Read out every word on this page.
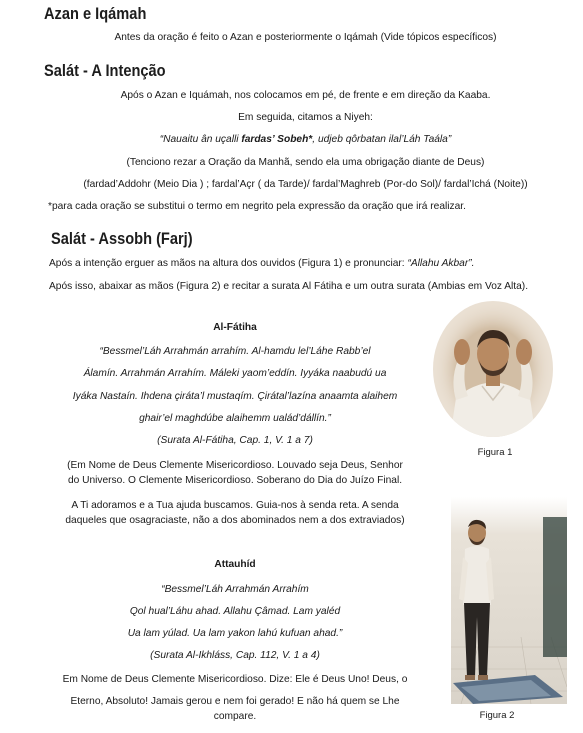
Azan e Iqámah
Antes da oração é feito o Azan e posteriormente o Iqámah (Vide tópicos específicos)
Salát - A Intenção
Após o Azan e Iquámah, nos colocamos em pé, de frente e em direção da Kaaba.
Em seguida, citamos a Niyeh:
“Nauaitu ân uçalli fardas’ Sobeh*, udjeb qôrbatan ilal’Láh Taála”
(Tenciono rezar a Oração da Manhã, sendo ela uma obrigação diante de Deus)
(fardad’Addohr (Meio Dia ) ; fardal’Açr ( da Tarde)/ fardal’Maghreb (Por-do Sol)/ fardal’Ichá (Noite))
*para cada oração se substitui o termo em negrito pela expressão da oração que irá realizar.
Salát - Assobh (Farj)
Após a intenção erguer as mãos na altura dos ouvidos (Figura 1) e pronunciar: “Allahu Akbar”.
Após isso, abaixar as mãos (Figura 2) e recitar a surata Al Fátiha e um outra surata (Ambias em Voz Alta).
Al-Fátiha
“Bessmel’Láh Arrahmán arrahím. Al-hamdu lel’Láhe Rabb’el
Álamín. Arrahmán Arrahím. Máleki yaom’eddín. Iyyáka naabudú ua
Iyáka Nastaín. Ihdena çiráta’l mustaqím. Çirátal’lazína anaamta alaihem
ghair’el maghdúbe alaihemm ualád’dállín.”
(Surata Al-Fátiha, Cap. 1, V. 1 a 7)
(Em Nome de Deus Clemente Misericordioso. Louvado seja Deus, Senhor
do Universo. O Clemente Misericordioso. Soberano do Dia do Juízo Final.
A Ti adoramos e a Tua ajuda buscamos. Guia-nos à senda reta. A senda
daqueles que osagraciaste, não a dos abominados nem a dos extraviados)
Attauhíd
“Bessmel’Láh Arrahmán Arrahím
Qol hual’Láhu ahad. Allahu Çâmad. Lam yaléd
Ua lam yúlad. Ua lam yakon lahú kufuan ahad.”
(Surata Al-Ikhláss, Cap. 112, V. 1 a 4)
Em Nome de Deus Clemente Misericordioso. Dize: Ele é Deus Uno! Deus, o
Eterno, Absoluto! Jamais gerou e nem foi gerado! E não há quem se Lhe
compare.
Figura 1
Figura 2
